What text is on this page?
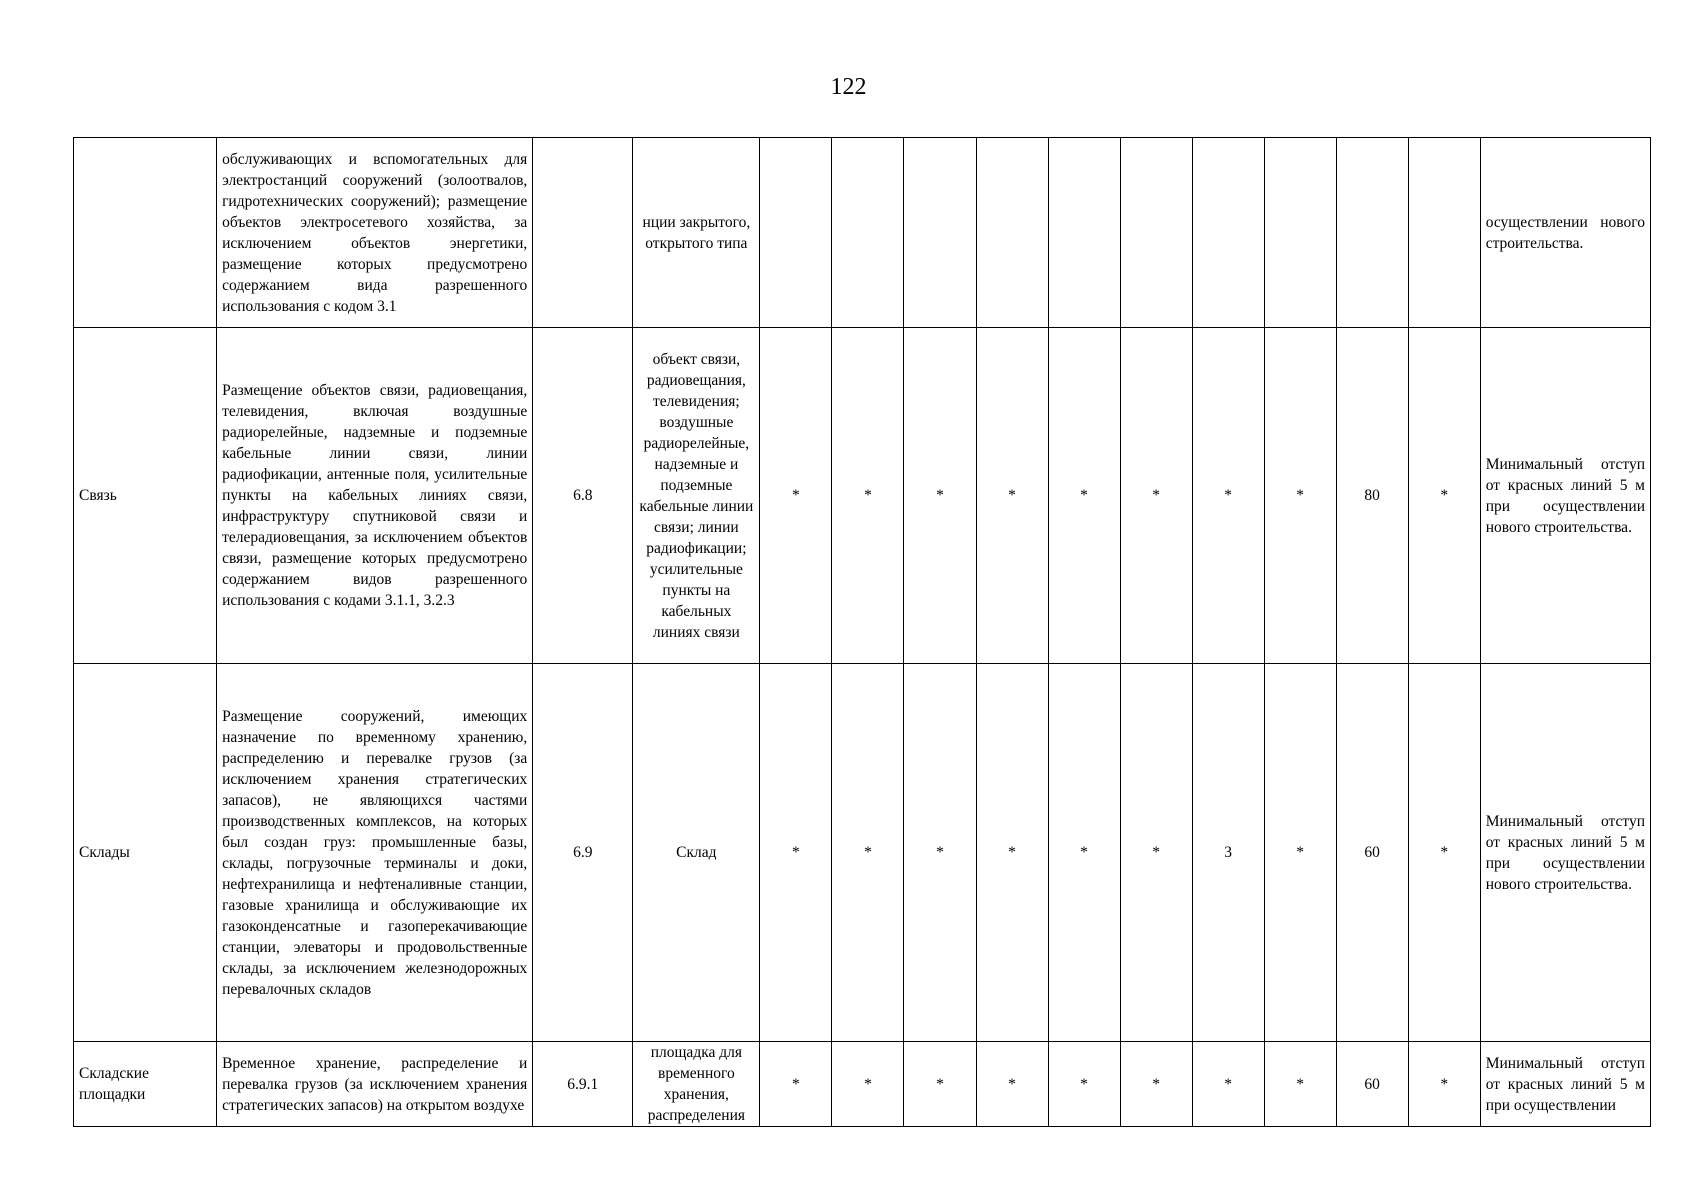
122
	обслуживающих и вспомогательных для электростанций сооружений (золоотвалов, гидротехнических сооружений); размещение объектов электросетевого хозяйства, за исключением объектов энергетики, размещение которых предусмотрено содержанием вида разрешенного использования с кодом 3.1		нции закрытого, открытого типа											осуществлении нового строительства.
Связь	Размещение объектов связи, радиовещания, телевидения, включая воздушные радиорелейные, надземные и подземные кабельные линии связи, линии радиофикации, антенные поля, усилительные пункты на кабельных линиях связи, инфраструктуру спутниковой связи и телерадиовещания, за исключением объектов связи, размещение которых предусмотрено содержанием видов разрешенного использования с кодами 3.1.1, 3.2.3	6.8	объект связи, радиовещания, телевидения; воздушные радиорелейные, надземные и подземные кабельные линии связи; линии радиофикации; усилительные пункты на кабельных линиях связи	*	*	*	*	*	*	*	*	80	*	Минимальный отступ от красных линий 5 м при осуществлении нового строительства.
Склады	Размещение сооружений, имеющих назначение по временному хранению, распределению и перевалке грузов (за исключением хранения стратегических запасов), не являющихся частями производственных комплексов, на которых был создан груз: промышленные базы, склады, погрузочные терминалы и доки, нефтехранилища и нефтеналивные станции, газовые хранилища и обслуживающие их газоконденсатные и газоперекачивающие станции, элеваторы и продовольственные склады, за исключением железнодорожных перевалочных складов	6.9	Склад	*	*	*	*	*	*	3	*	60	*	Минимальный отступ от красных линий 5 м при осуществлении нового строительства.
Складские площадки	Временное хранение, распределение и перевалка грузов (за исключением хранения стратегических запасов) на открытом воздухе	6.9.1	площадка для временного хранения, распределения	*	*	*	*	*	*	*	*	60	*	Минимальный отступ от красных линий 5 м при осуществлении
